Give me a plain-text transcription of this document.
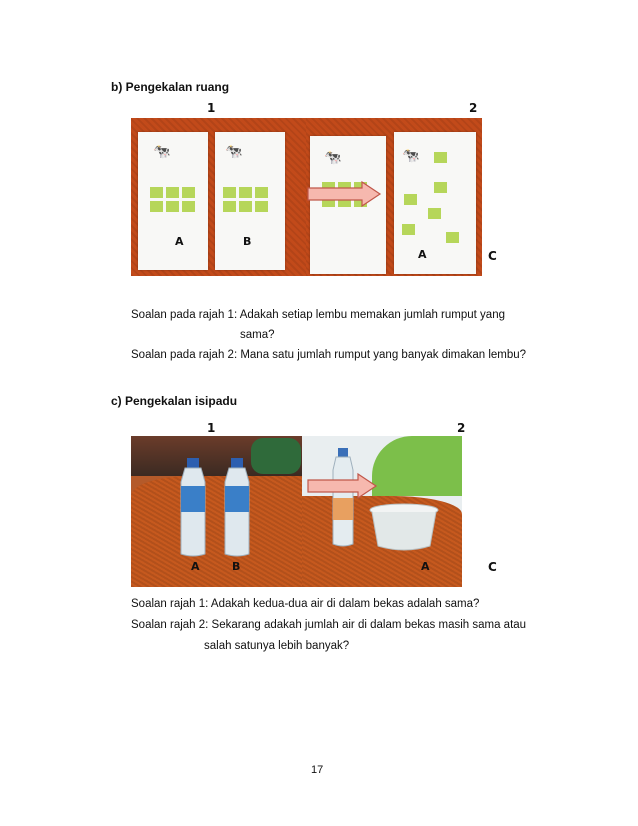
b) Pengekalan ruang
1	2
🐄
A
🐄
B
🐄	🐄
A	C
Soalan pada rajah 1: Adakah setiap lembu memakan jumlah rumput yang
sama?
Soalan pada rajah 2: Mana satu jumlah rumput yang banyak dimakan lembu?
c) Pengekalan isipadu
1	2
A	B	A	C
Soalan rajah 1: Adakah kedua-dua air di dalam bekas adalah sama?
Soalan rajah 2: Sekarang adakah jumlah air di dalam bekas masih sama atau
salah satunya lebih banyak?
17
